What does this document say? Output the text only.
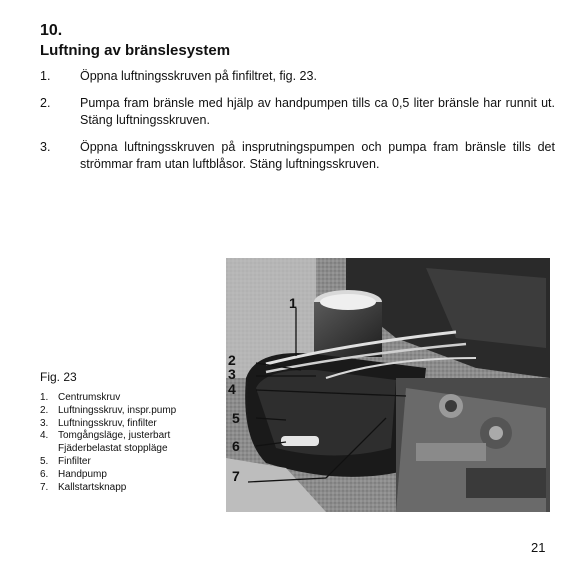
10.
Luftning av bränslesystem
1.	Öppna luftningsskruven på finfiltret, fig. 23.
2.	Pumpa fram bränsle med hjälp av handpumpen tills ca 0,5 liter bränsle har runnit ut. Stäng luftningsskruven.
3.	Öppna luftningsskruven på insprutningspumpen och pumpa fram bränsle tills det strömmar fram utan luftblåsor. Stäng luftningsskruven.
Fig. 23
1. Centrumskruv
2. Luftningsskruv, inspr.pump
3. Luftningsskruv, finfilter
4. Tomgångsläge, justerbart Fjäderbelastat stoppläge
5. Finfilter
6. Handpump
7. Kallstartsknapp
1
2
3
4
5
6
7
21
